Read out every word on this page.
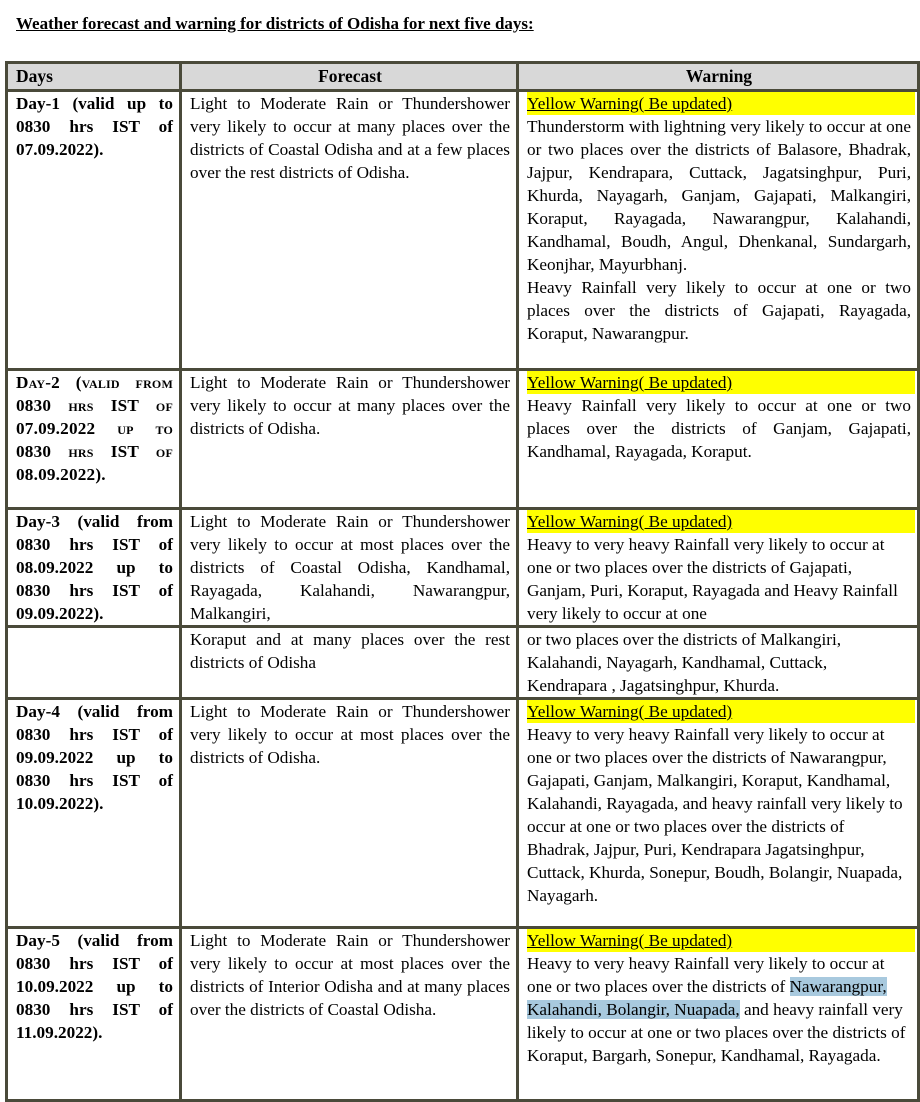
Weather forecast and warning for districts of Odisha for next five days:
Days	Forecast	Warning
Day-1 (valid up to 0830 hrs IST of 07.09.2022).	Light to Moderate Rain or Thundershower very likely to occur at many places over the districts of Coastal Odisha and at a few places over the rest districts of Odisha.	Yellow Warning( Be updated)
Thunderstorm with lightning very likely to occur at one or two places over the districts of Balasore, Bhadrak, Jajpur, Kendrapara, Cuttack, Jagatsinghpur, Puri, Khurda, Nayagarh, Ganjam, Gajapati, Malkangiri, Koraput, Rayagada, Nawarangpur, Kalahandi, Kandhamal, Boudh, Angul, Dhenkanal, Sundargarh, Keonjhar, Mayurbhanj.
Heavy Rainfall very likely to occur at one or two places over the districts of Gajapati, Rayagada, Koraput, Nawarangpur.

Day-2 (valid from 0830 hrs IST of 07.09.2022 up to 0830 hrs IST of 08.09.2022).	Light to Moderate Rain or Thundershower very likely to occur at many places over the districts of Odisha.	Yellow Warning( Be updated)
Heavy Rainfall very likely to occur at one or two places over the districts of Ganjam, Gajapati, Kandhamal, Rayagada, Koraput.

Day-3 (valid from 0830 hrs IST of 08.09.2022 up to 0830 hrs IST of 09.09.2022).	Light to Moderate Rain or Thundershower very likely to occur at most places over the districts of Coastal Odisha, Kandhamal, Rayagada, Kalahandi, Nawarangpur, Malkangiri,	Yellow Warning( Be updated)
Heavy to very heavy Rainfall very likely to occur at one or two places over the districts of Gajapati, Ganjam, Puri, Koraput, Rayagada and Heavy Rainfall very likely to occur at one

	Koraput and at many places over the rest districts of Odisha	or two places over the districts of Malkangiri, Kalahandi, Nayagarh, Kandhamal, Cuttack, Kendrapara , Jagatsinghpur, Khurda.
Day-4 (valid from 0830 hrs IST of 09.09.2022 up to 0830 hrs IST of 10.09.2022).	Light to Moderate Rain or Thundershower very likely to occur at most places over the districts of Odisha.	Yellow Warning( Be updated)
Heavy to very heavy Rainfall very likely to occur at one or two places over the districts of Nawarangpur, Gajapati, Ganjam, Malkangiri, Koraput, Kandhamal, Kalahandi, Rayagada, and heavy rainfall very likely to occur at one or two places over the districts of Bhadrak, Jajpur, Puri, Kendrapara Jagatsinghpur, Cuttack, Khurda, Sonepur, Boudh, Bolangir, Nuapada, Nayagarh.

Day-5 (valid from 0830 hrs IST of 10.09.2022 up to 0830 hrs IST of 11.09.2022).	Light to Moderate Rain or Thundershower very likely to occur at most places over the districts of Interior Odisha and at many places over the districts of Coastal Odisha.	Yellow Warning( Be updated)
Heavy to very heavy Rainfall very likely to occur at one or two places over the districts of Nawarangpur, Kalahandi, Bolangir, Nuapada, and heavy rainfall very likely to occur at one or two places over the districts of Koraput, Bargarh, Sonepur, Kandhamal, Rayagada.
